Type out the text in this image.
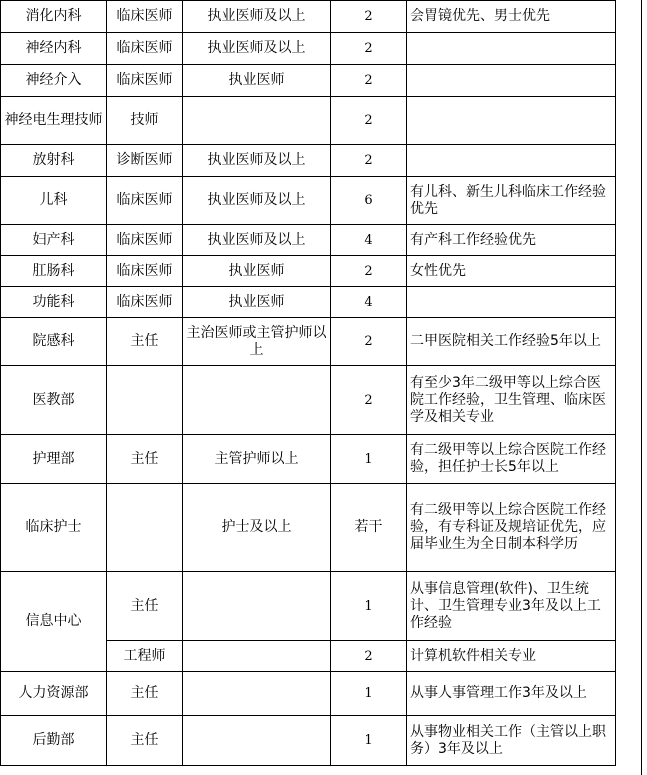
消化内科	临床医师	执业医师及以上	2	会胃镜优先、男士优先
神经内科	临床医师	执业医师及以上	2	
神经介入	临床医师	执业医师	2	
神经电生理技师	技师		2	
放射科	诊断医师	执业医师及以上	2	
儿科	临床医师	执业医师及以上	6	有儿科、新生儿科临床工作经验优先
妇产科	临床医师	执业医师及以上	4	有产科工作经验优先
肛肠科	临床医师	执业医师	2	女性优先
功能科	临床医师	执业医师	4	
院感科	主任	主治医师或主管护师以上	2	二甲医院相关工作经验5年以上
医教部			2	有至少3年二级甲等以上综合医院工作经验，卫生管理、临床医学及相关专业
护理部	主任	主管护师以上	1	有二级甲等以上综合医院工作经验，担任护士长5年以上
临床护士		护士及以上	若干	有二级甲等以上综合医院工作经验，有专科证及规培证优先，应届毕业生为全日制本科学历
信息中心	主任		1	从事信息管理(软件)、卫生统计、卫生管理专业3年及以上工作经验
	工程师		2	计算机软件相关专业
人力资源部	主任		1	从事人事管理工作3年及以上
后勤部	主任		1	从事物业相关工作（主管以上职务）3年及以上
